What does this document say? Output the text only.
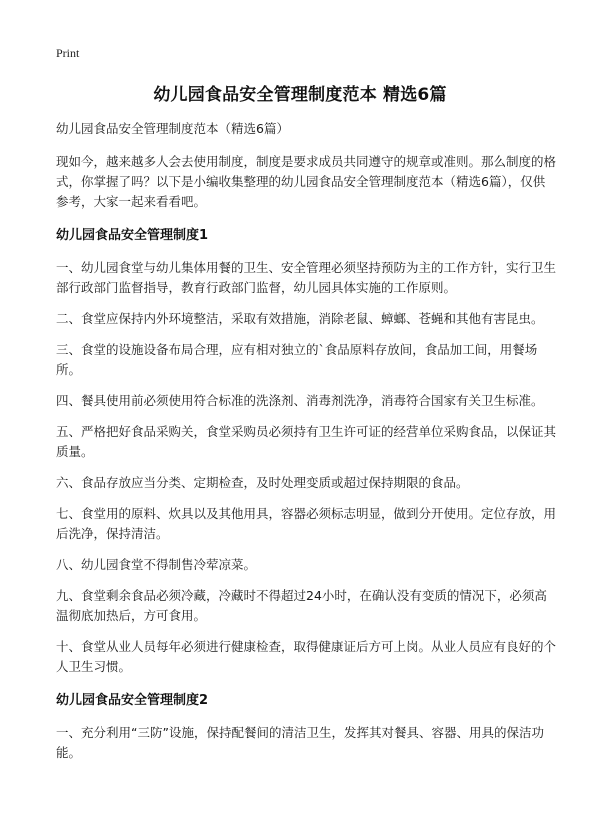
Print
幼儿园食品安全管理制度范本 精选6篇

幼儿园食品安全管理制度范本（精选6篇）

现如今，越来越多人会去使用制度，制度是要求成员共同遵守的规章或准则。那么制度的格式，你掌握了吗？以下是小编收集整理的幼儿园食品安全管理制度范本（精选6篇），仅供参考，大家一起来看看吧。

幼儿园食品安全管理制度1

一、幼儿园食堂与幼儿集体用餐的卫生、安全管理必须坚持预防为主的工作方针，实行卫生部行政部门监督指导，教育行政部门监督，幼儿园具体实施的工作原则。

二、食堂应保持内外环境整洁，采取有效措施，消除老鼠、蟑螂、苍蝇和其他有害昆虫。

三、食堂的设施设备布局合理，应有相对独立的`食品原料存放间，食品加工间，用餐场所。

四、餐具使用前必须使用符合标准的洗涤剂、消毒剂洗净，消毒符合国家有关卫生标准。

五、严格把好食品采购关，食堂采购员必须持有卫生许可证的经营单位采购食品，以保证其质量。

六、食品存放应当分类、定期检查，及时处理变质或超过保持期限的食品。

七、食堂用的原料、炊具以及其他用具，容器必须标志明显，做到分开使用。定位存放，用后洗净，保持清洁。

八、幼儿园食堂不得制售冷荤凉菜。

九、食堂剩余食品必须冷藏，冷藏时不得超过24小时，在确认没有变质的情况下，必须高温彻底加热后，方可食用。

十、食堂从业人员每年必须进行健康检查，取得健康证后方可上岗。从业人员应有良好的个人卫生习惯。

幼儿园食品安全管理制度2

一、充分利用“三防”设施，保持配餐间的清洁卫生，发挥其对餐具、容器、用具的保洁功能。
